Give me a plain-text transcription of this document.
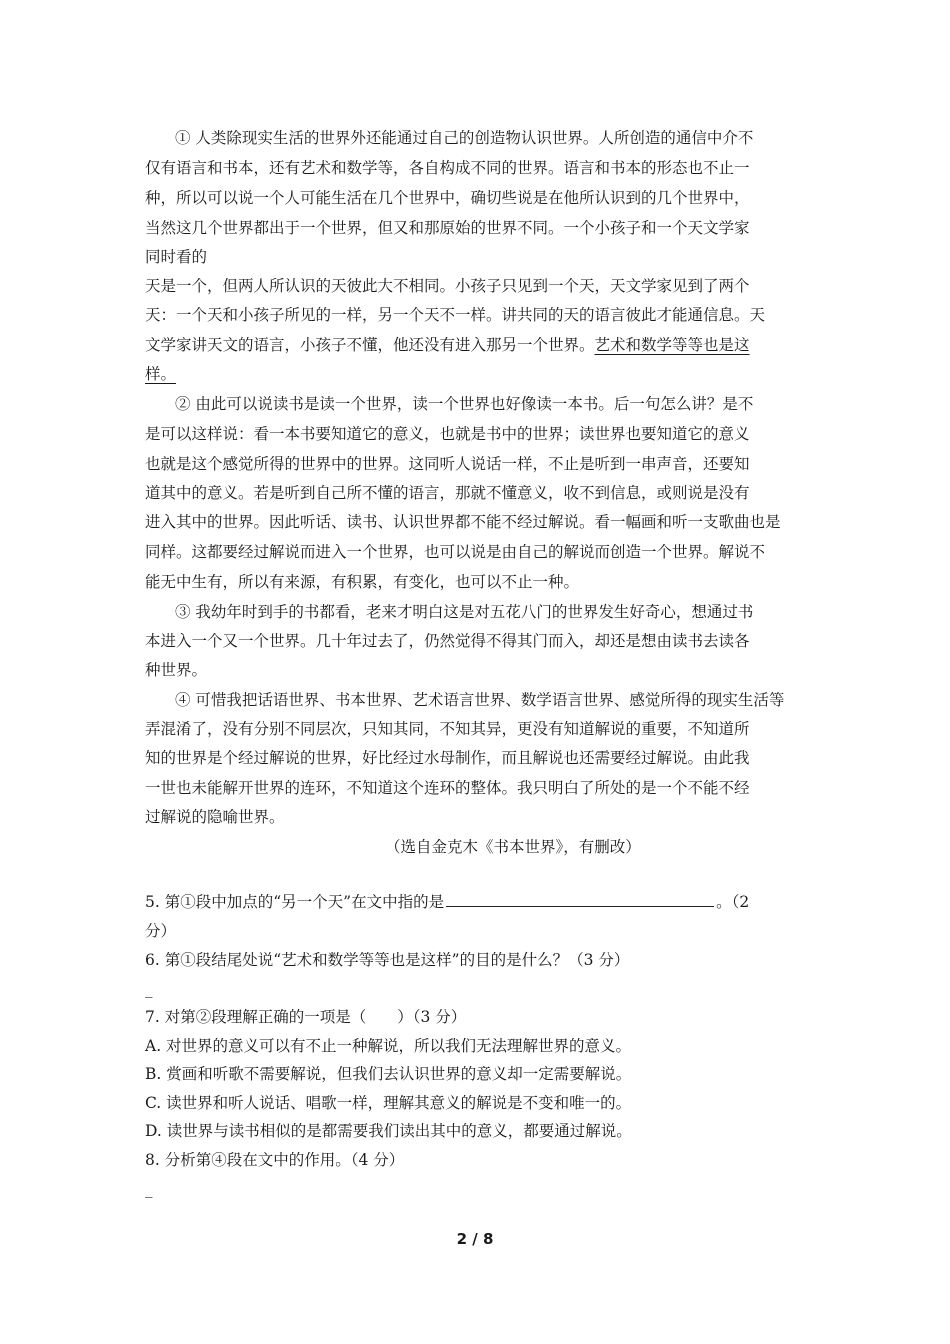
① 人类除现实生活的世界外还能通过自己的创造物认识世界。人所创造的通信中介不
仅有语言和书本，还有艺术和数学等，各自构成不同的世界。语言和书本的形态也不止一
种，所以可以说一个人可能生活在几个世界中，确切些说是在他所认识到的几个世界中，
当然这几个世界都出于一个世界，但又和那原始的世界不同。一个小孩子和一个天文学家
同时看的
天是一个，但两人所认识的天彼此大不相同。小孩子只见到一个天，天文学家见到了两个
天：一个天和小孩子所见的一样，另一个天不一样。讲共同的天的语言彼此才能通信息。天
文学家讲天文的语言，小孩子不懂，他还没有进入那另一个世界。艺术和数学等等也是这
样。
② 由此可以说读书是读一个世界，读一个世界也好像读一本书。后一句怎么讲？是不
是可以这样说：看一本书要知道它的意义，也就是书中的世界；读世界也要知道它的意义
也就是这个感觉所得的世界中的世界。这同听人说话一样，不止是听到一串声音，还要知
道其中的意义。若是听到自己所不懂的语言，那就不懂意义，收不到信息，或则说是没有
进入其中的世界。因此听话、读书、认识世界都不能不经过解说。看一幅画和听一支歌曲也是
同样。这都要经过解说而进入一个世界，也可以说是由自己的解说而创造一个世界。解说不
能无中生有，所以有来源，有积累，有变化，也可以不止一种。
③ 我幼年时到手的书都看，老来才明白这是对五花八门的世界发生好奇心，想通过书
本进入一个又一个世界。几十年过去了，仍然觉得不得其门而入，却还是想由读书去读各
种世界。
④ 可惜我把话语世界、书本世界、艺术语言世界、数学语言世界、感觉所得的现实生活等
弄混淆了，没有分别不同层次，只知其同，不知其异，更没有知道解说的重要，不知道所
知的世界是个经过解说的世界，好比经过水母制作，而且解说也还需要经过解说。由此我
一世也未能解开世界的连环，不知道这个连环的整体。我只明白了所处的是一个不能不经
过解说的隐喻世界。
（选自金克木《书本世界》，有删改）
5. 第①段中加点的“另一个天”在文中指的是	。（2
分）
6. 第①段结尾处说“艺术和数学等等也是这样”的目的是什么？（3 分）
_
7. 对第②段理解正确的一项是（　　）（3 分）
A. 对世界的意义可以有不止一种解说，所以我们无法理解世界的意义。
B. 赏画和听歌不需要解说，但我们去认识世界的意义却一定需要解说。
C. 读世界和听人说话、唱歌一样，理解其意义的解说是不变和唯一的。
D. 读世界与读书相似的是都需要我们读出其中的意义，都要通过解说。
8. 分析第④段在文中的作用。（4 分）
_
2 / 8
